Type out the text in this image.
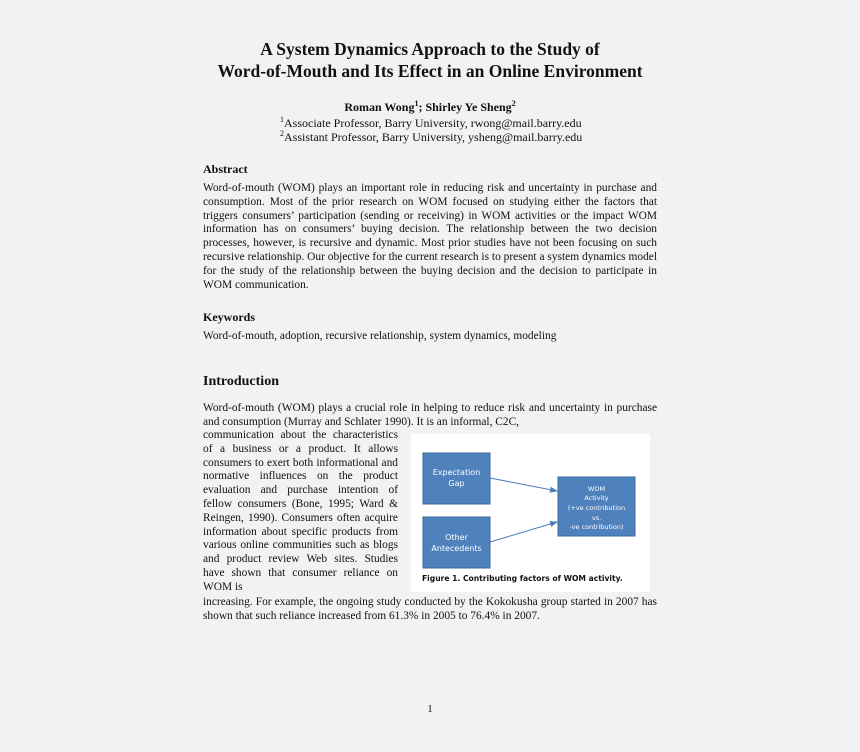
A System Dynamics Approach to the Study of
Word-of-Mouth and Its Effect in an Online Environment
Roman Wong$^1$; Shirley Ye Sheng$^2$
$^1$Associate Professor, Barry University, rwong@mail.barry.edu
$^2$Assistant Professor, Barry University, ysheng@mail.barry.edu
Abstract
Word-of-mouth (WOM) plays an important role in reducing risk and uncertainty in purchase and consumption. Most of the prior research on WOM focused on studying either the factors that triggers consumers’ participation (sending or receiving) in WOM activities or the impact WOM information has on consumers’ buying decision. The relationship between the two decision processes, however, is recursive and dynamic. Most prior studies have not been focusing on such recursive relationship. Our objective for the current research is to present a system dynamics model for the study of the relationship between the buying decision and the decision to participate in WOM communication.
Keywords
Word-of-mouth, adoption, recursive relationship, system dynamics, modeling
Introduction
Word-of-mouth (WOM) plays a crucial role in helping to reduce risk and uncertainty in purchase and consumption (Murray and Schlater 1990). It is an informal, C2C,
communication about the characteristics of a business or a product. It allows consumers to exert both informational and normative influences on the product evaluation and purchase intention of fellow consumers (Bone, 1995; Ward & Reingen, 1990). Consumers often acquire information about specific products from various online communities such as blogs and product review Web sites. Studies have shown that consumer reliance on WOM is
Expectation
Gap
Other
Antecedents
WOM
Activity
(+ve contribution
vs.
-ve contribution)
Figure 1. Contributing factors of WOM activity.
increasing. For example, the ongoing study conducted by the Kokokusha group started in 2007 has shown that such reliance increased from 61.3% in 2005 to 76.4% in 2007.
1
